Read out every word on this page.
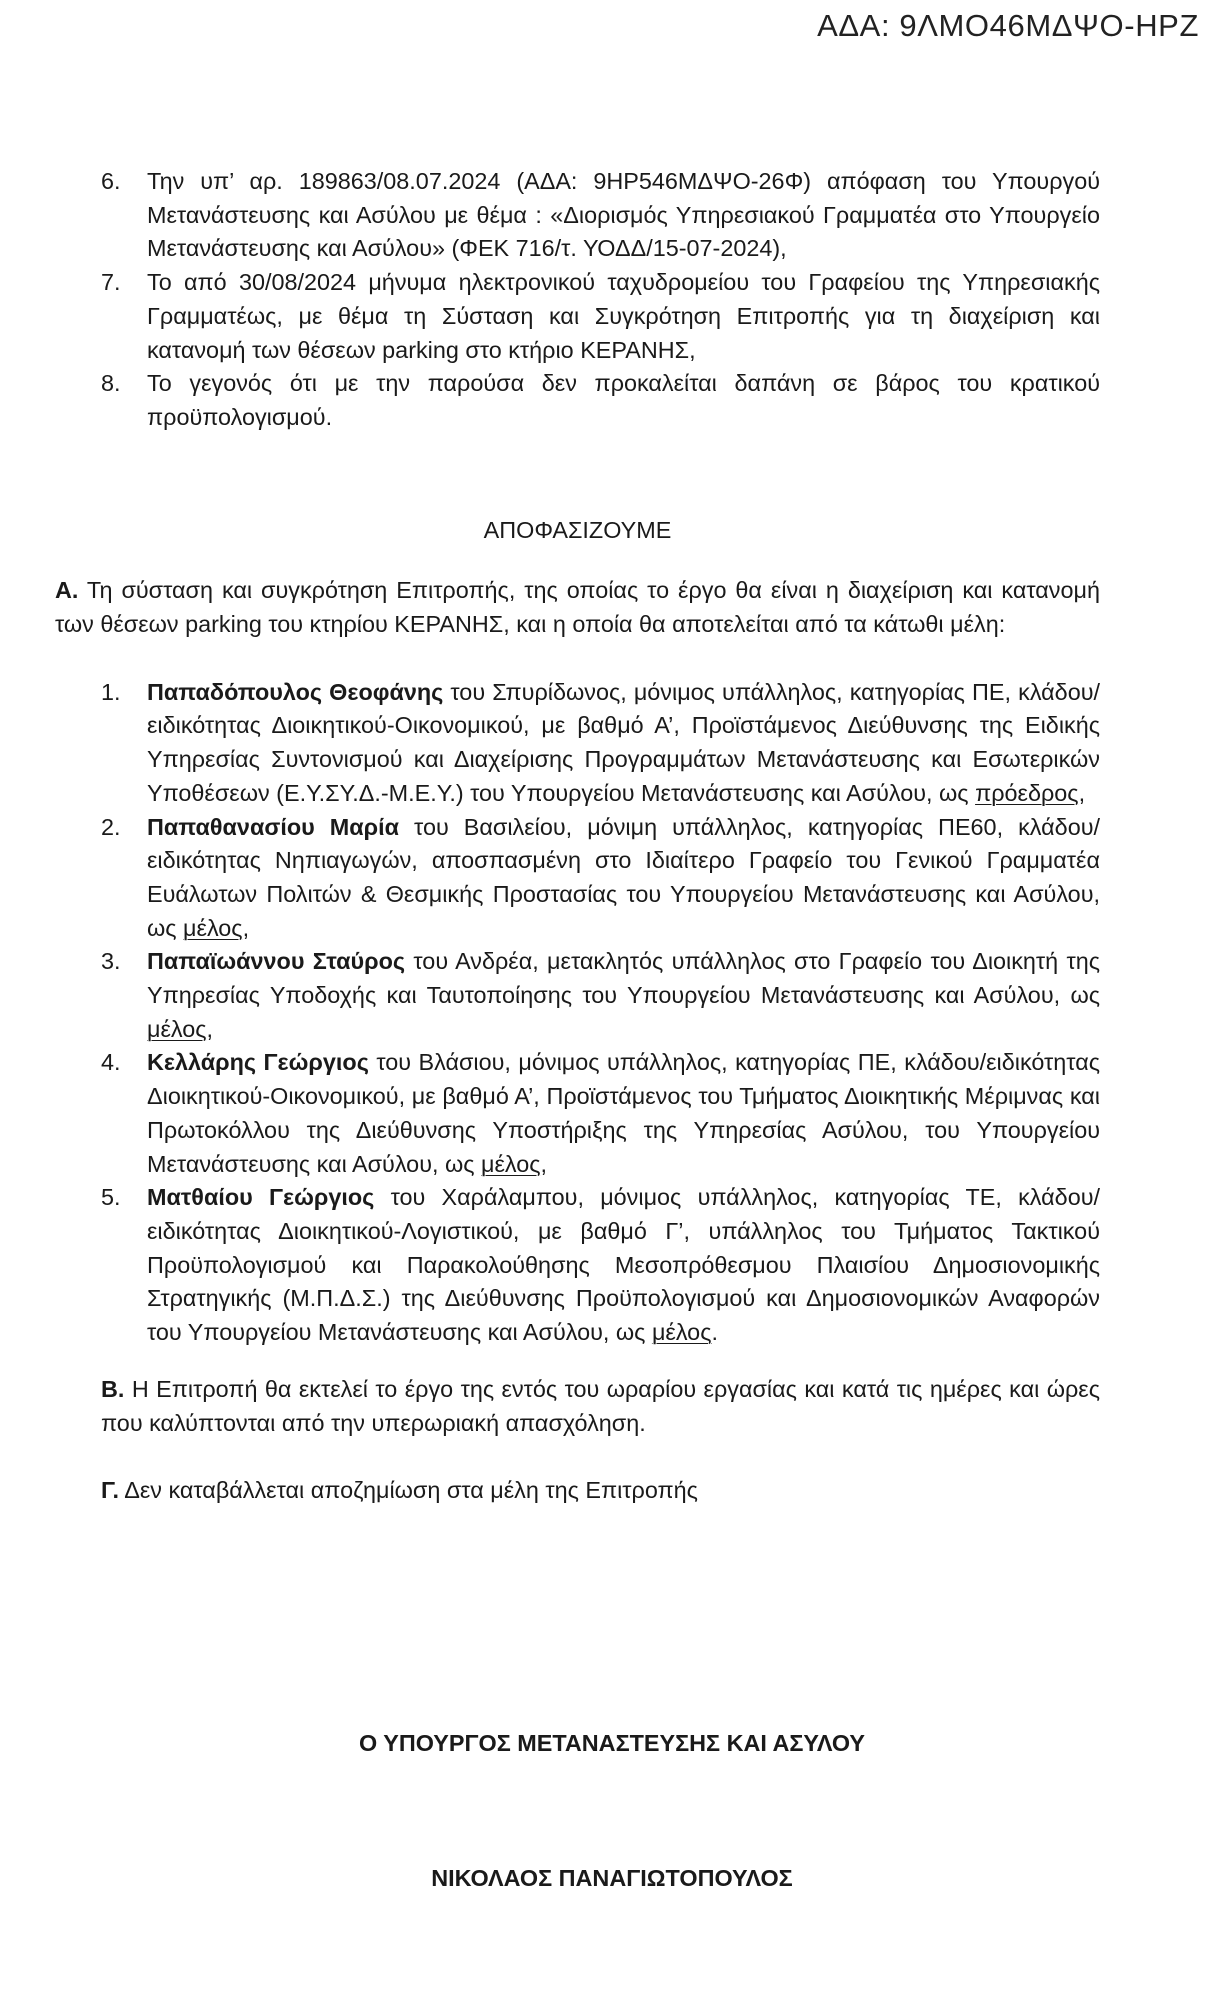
ΑΔΑ: 9ΛΜΟ46ΜΔΨΟ-ΗΡΖ
6.	Την υπ’ αρ. 189863/08.07.2024 (ΑΔΑ: 9ΗΡ546ΜΔΨΟ-26Φ) απόφαση του Υπουργού Μετανάστευσης και Ασύλου με θέμα : «Διορισμός Υπηρεσιακού Γραμματέα στο Υπουργείο Μετανάστευσης και Ασύλου» (ΦΕΚ 716/τ. ΥΟΔΔ/15-07-2024),
7.	Το από 30/08/2024 μήνυμα ηλεκτρονικού ταχυδρομείου του Γραφείου της Υπηρεσιακής Γραμματέως, με θέμα τη Σύσταση και Συγκρότηση Επιτροπής για τη διαχείριση και κατανομή των θέσεων parking στο κτήριο ΚΕΡΑΝΗΣ,
8.	Το γεγονός ότι με την παρούσα δεν προκαλείται δαπάνη σε βάρος του κρατικού προϋπολογισμού.
ΑΠΟΦΑΣΙΖΟΥΜΕ
Α. Τη σύσταση και συγκρότηση Επιτροπής, της οποίας το έργο θα είναι η διαχείριση και κατανομή των θέσεων parking του κτηρίου ΚΕΡΑΝΗΣ, και η οποία θα αποτελείται από τα κάτωθι μέλη:
1.	Παπαδόπουλος Θεοφάνης του Σπυρίδωνος, μόνιμος υπάλληλος, κατηγορίας ΠΕ, κλάδου/ειδικότητας Διοικητικού-Οικονομικού, με βαθμό Α’, Προϊστάμενος Διεύθυνσης της Ειδικής Υπηρεσίας Συντονισμού και Διαχείρισης Προγραμμάτων Μετανάστευσης και Εσωτερικών Υποθέσεων (Ε.Υ.ΣΥ.Δ.-Μ.Ε.Υ.) του Υπουργείου Μετανάστευσης και Ασύλου, ως πρόεδρος,
2.	Παπαθανασίου Μαρία του Βασιλείου, μόνιμη υπάλληλος, κατηγορίας ΠΕ60, κλάδου/ειδικότητας Νηπιαγωγών, αποσπασμένη στο Ιδιαίτερο Γραφείο του Γενικού Γραμματέα Ευάλωτων Πολιτών & Θεσμικής Προστασίας του Υπουργείου Μετανάστευσης και Ασύλου, ως μέλος,
3.	Παπαϊωάννου Σταύρος του Ανδρέα, μετακλητός υπάλληλος στο Γραφείο του Διοικητή της Υπηρεσίας Υποδοχής και Ταυτοποίησης του Υπουργείου Μετανάστευσης και Ασύλου, ως μέλος,
4.	Κελλάρης Γεώργιος του Βλάσιου, μόνιμος υπάλληλος, κατηγορίας ΠΕ, κλάδου/ειδικότητας Διοικητικού-Οικονομικού, με βαθμό Α’, Προϊστάμενος του Τμήματος Διοικητικής Μέριμνας και Πρωτοκόλλου της Διεύθυνσης Υποστήριξης της Υπηρεσίας Ασύλου, του Υπουργείου Μετανάστευσης και Ασύλου, ως μέλος,
5.	Ματθαίου Γεώργιος του Χαράλαμπου, μόνιμος υπάλληλος, κατηγορίας ΤΕ, κλάδου/ειδικότητας Διοικητικού-Λογιστικού, με βαθμό Γ’, υπάλληλος του Τμήματος Τακτικού Προϋπολογισμού και Παρακολούθησης Μεσοπρόθεσμου Πλαισίου Δημοσιονομικής Στρατηγικής (Μ.Π.Δ.Σ.) της Διεύθυνσης Προϋπολογισμού και Δημοσιονομικών Αναφορών του Υπουργείου Μετανάστευσης και Ασύλου, ως μέλος.
Β. Η Επιτροπή θα εκτελεί το έργο της εντός του ωραρίου εργασίας και κατά τις ημέρες και ώρες που καλύπτονται από την υπερωριακή απασχόληση.
Γ. Δεν καταβάλλεται αποζημίωση στα μέλη της Επιτροπής
Ο ΥΠΟΥΡΓΟΣ ΜΕΤΑΝΑΣΤΕΥΣΗΣ ΚΑΙ ΑΣΥΛΟΥ
ΝΙΚΟΛΑΟΣ ΠΑΝΑΓΙΩΤΟΠΟΥΛΟΣ
